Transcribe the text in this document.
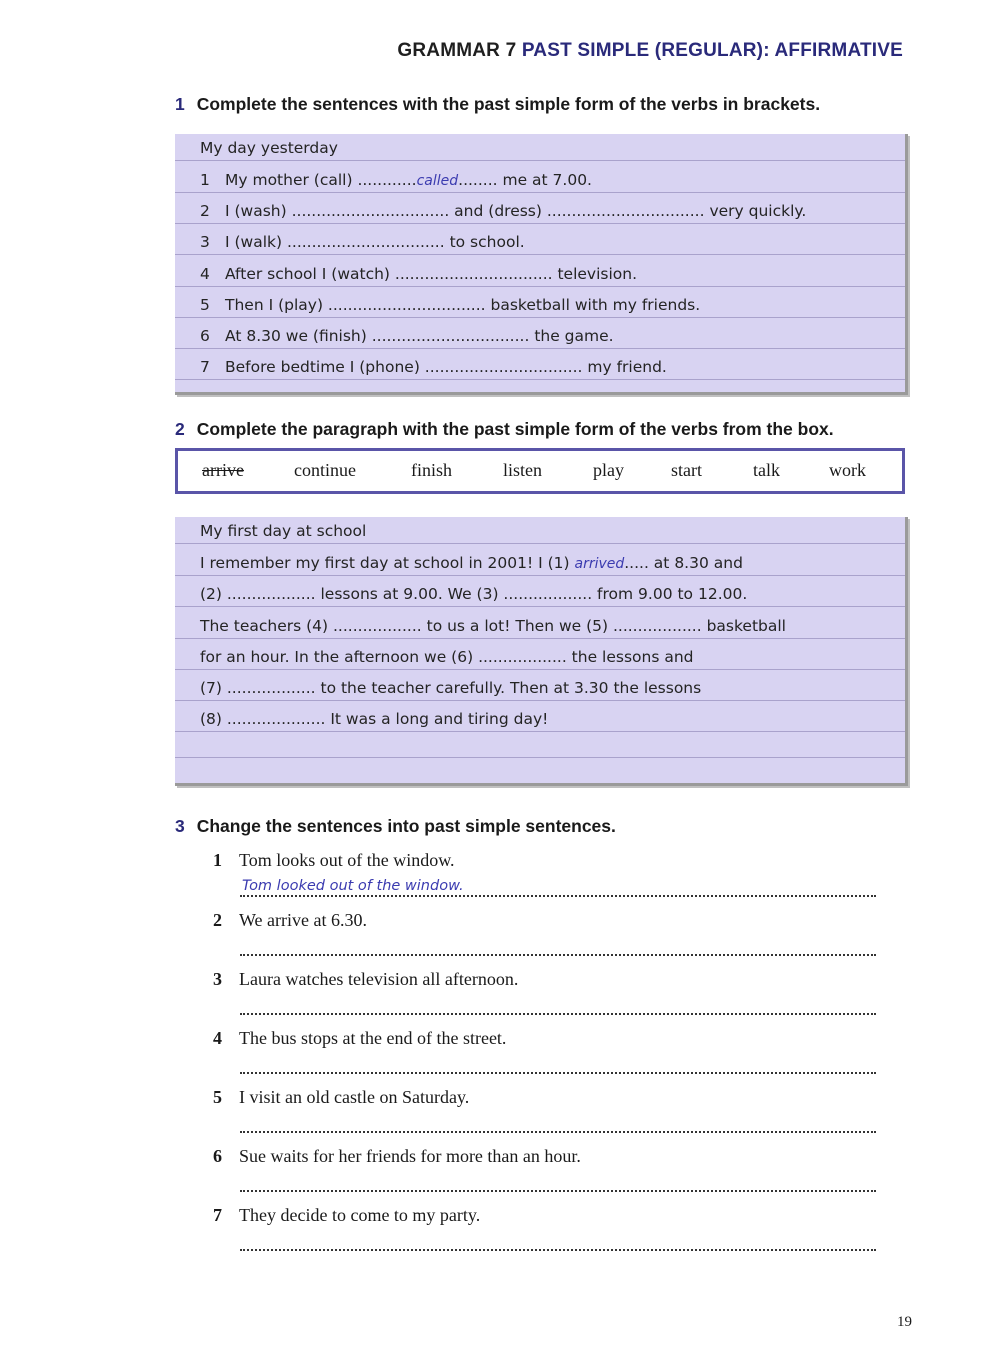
GRAMMAR 7 PAST SIMPLE (REGULAR): AFFIRMATIVE
1 Complete the sentences with the past simple form of the verbs in brackets.
My day yesterday
1 My mother (call) ............called........ me at 7.00.
2 I (wash) ................................ and (dress) ................................ very quickly.
3 I (walk) ................................ to school.
4 After school I (watch) ................................ television.
5 Then I (play) ................................ basketball with my friends.
6 At 8.30 we (finish) ................................ the game.
7 Before bedtime I (phone) ................................ my friend.
2 Complete the paragraph with the past simple form of the verbs from the box.
arrive	continue	finish	listen	play	start	talk	work
My first day at school
I remember my first day at school in 2001! I (1) arrived..... at 8.30 and
(2) .................. lessons at 9.00. We (3) .................. from 9.00 to 12.00.
The teachers (4) .................. to us a lot! Then we (5) .................. basketball
for an hour. In the afternoon we (6) .................. the lessons and
(7) .................. to the teacher carefully. Then at 3.30 the lessons
(8) .................... It was a long and tiring day!
3 Change the sentences into past simple sentences.
1 Tom looks out of the window.
Tom looked out of the window.
2 We arrive at 6.30.
3 Laura watches television all afternoon.
4 The bus stops at the end of the street.
5 I visit an old castle on Saturday.
6 Sue waits for her friends for more than an hour.
7 They decide to come to my party.
19
